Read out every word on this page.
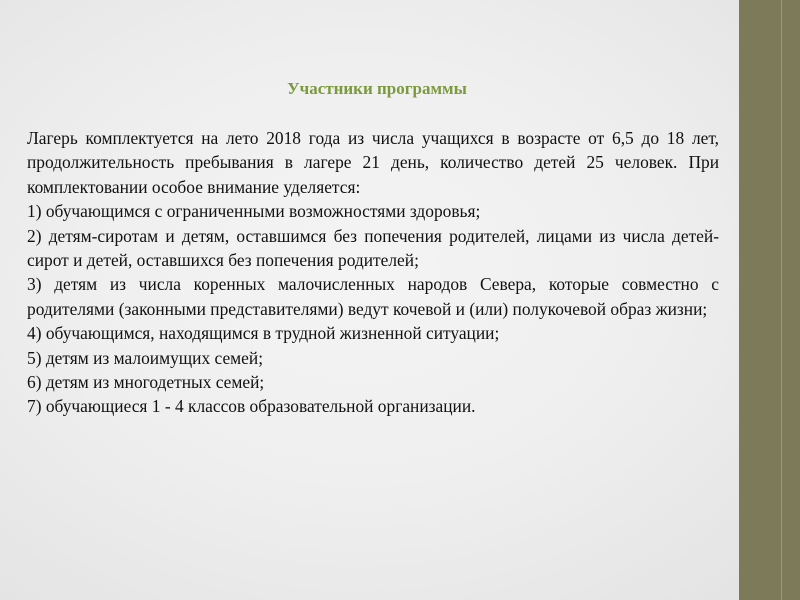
Участники программы

Лагерь комплектуется на лето 2018 года из числа учащихся в возрасте от 6,5 до 18 лет, продолжительность пребывания в лагере 21 день, количество детей 25 человек. При комплектовании особое внимание уделяется:

1) обучающимся с ограниченными возможностями здоровья;

2) детям-сиротам и детям, оставшимся без попечения родителей, лицами из числа детей-сирот и детей, оставшихся без попечения родителей;

3) детям из числа коренных малочисленных народов Севера, которые совместно с родителями (законными представителями) ведут кочевой и (или) полукочевой образ жизни;

4) обучающимся, находящимся в трудной жизненной ситуации;

5) детям из малоимущих семей;

6) детям из многодетных семей;

7) обучающиеся 1 - 4 классов образовательной организации.
